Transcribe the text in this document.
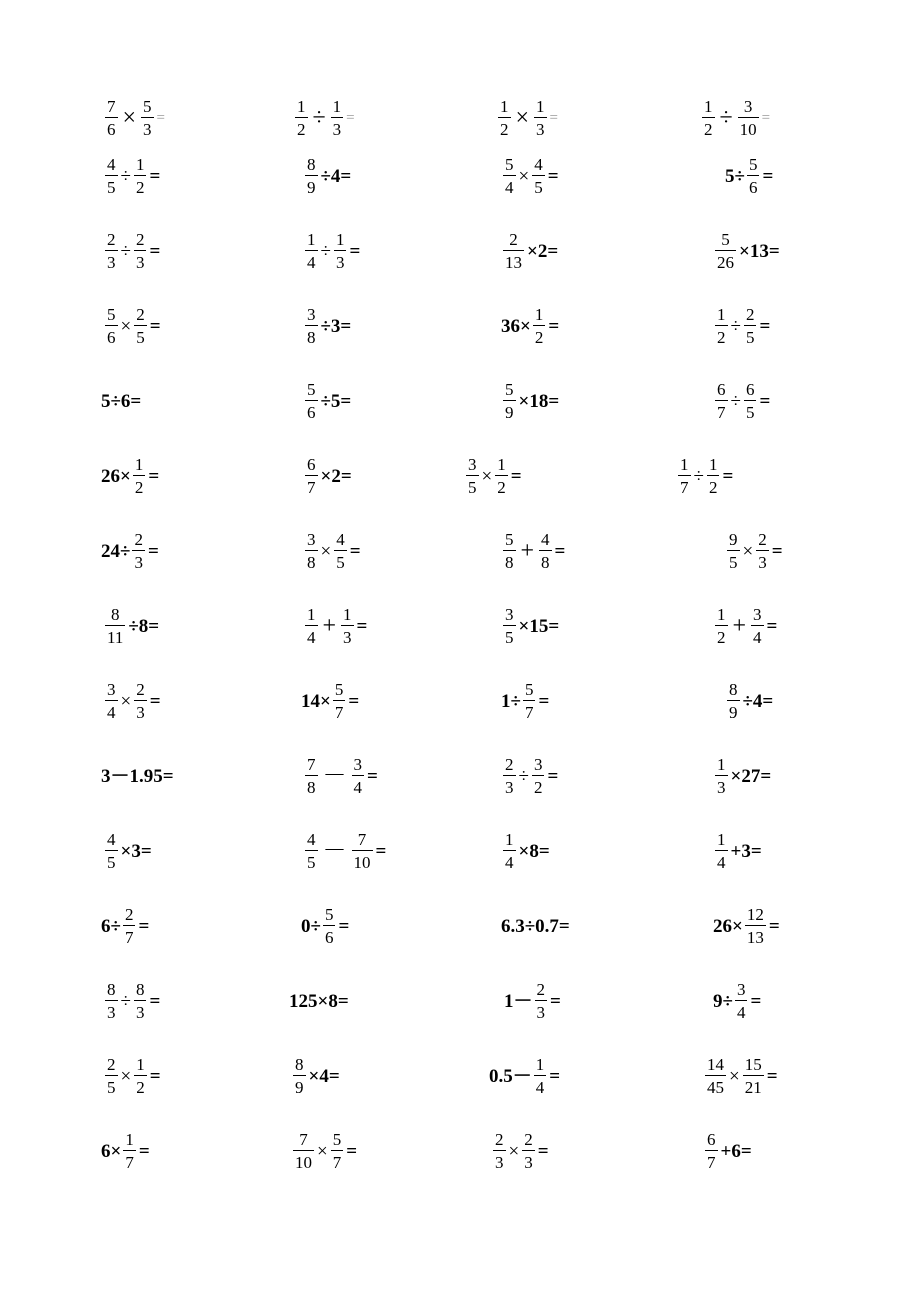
$\frac{7}{6} \times \frac{5}{3}$ =	$\frac{1}{2} \div \frac{1}{3}$ =	$\frac{1}{2} \times \frac{1}{3}$ =	$\frac{1}{2} \div \frac{3}{10}$ =
$\frac{4}{5} \div \frac{1}{2}$ =	$\frac{8}{9} \div 4=$	$\frac{5}{4} \times \frac{4}{5}$ =	$5\div \frac{5}{6}$ =
$\frac{2}{3} \div \frac{2}{3}$ =	$\frac{1}{4} \div \frac{1}{3}$ =	$\frac{2}{13} \times 2=$	$\frac{5}{26} \times 13=$
$\frac{5}{6} \times \frac{2}{5}$ =	$\frac{3}{8} \div 3=$	$36\times \frac{1}{2}$ =	$\frac{1}{2} \div \frac{2}{5}$ =
5÷6=	$\frac{5}{6} \div 5=$	$\frac{5}{9} \times 18=$	$\frac{6}{7} \div \frac{6}{5}$ =
$26\times \frac{1}{2}$ =	$\frac{6}{7} \times 2=$	$\frac{3}{5} \times \frac{1}{2}$ =	$\frac{1}{7} \div \frac{1}{2}$ =
$24\div \frac{2}{3}$ =	$\frac{3}{8} \times \frac{4}{5}$ =	$\frac{5}{8} + \frac{4}{8}$ =	$\frac{9}{5} \times \frac{2}{3}$ =
$\frac{8}{11} \div 8=$	$\frac{1}{4} + \frac{1}{3}$ =	$\frac{3}{5} \times 15=$	$\frac{1}{2} + \frac{3}{4}$ =
$\frac{3}{4} \times \frac{2}{3}$ =	$14\times \frac{5}{7}$ =	$1\div \frac{5}{7}$ =	$\frac{8}{9} \div 4=$
3－1.95=	$\frac{7}{8} - \frac{3}{4}$ =	$\frac{2}{3} \div \frac{3}{2}$ =	$\frac{1}{3} \times 27=$
$\frac{4}{5} \times 3=$	$\frac{4}{5} - \frac{7}{10}$ =	$\frac{1}{4} \times 8=$	$\frac{1}{4} +3=$
$6\div \frac{2}{7}$ =	$0\div \frac{5}{6}$ =	6.3÷0.7=	$26\times \frac{12}{13}$ =
$\frac{8}{3} \div \frac{8}{3}$ =	125×8=	$1- \frac{2}{3}$ =	$9\div \frac{3}{4}$ =
$\frac{2}{5} \times \frac{1}{2}$ =	$\frac{8}{9} \times 4=$	$0.5- \frac{1}{4}$ =	$\frac{14}{45} \times \frac{15}{21}$ =
$6\times \frac{1}{7}$ =	$\frac{7}{10} \times \frac{5}{7}$ =	$\frac{2}{3} \times \frac{2}{3}$ =	$\frac{6}{7} +6=$
